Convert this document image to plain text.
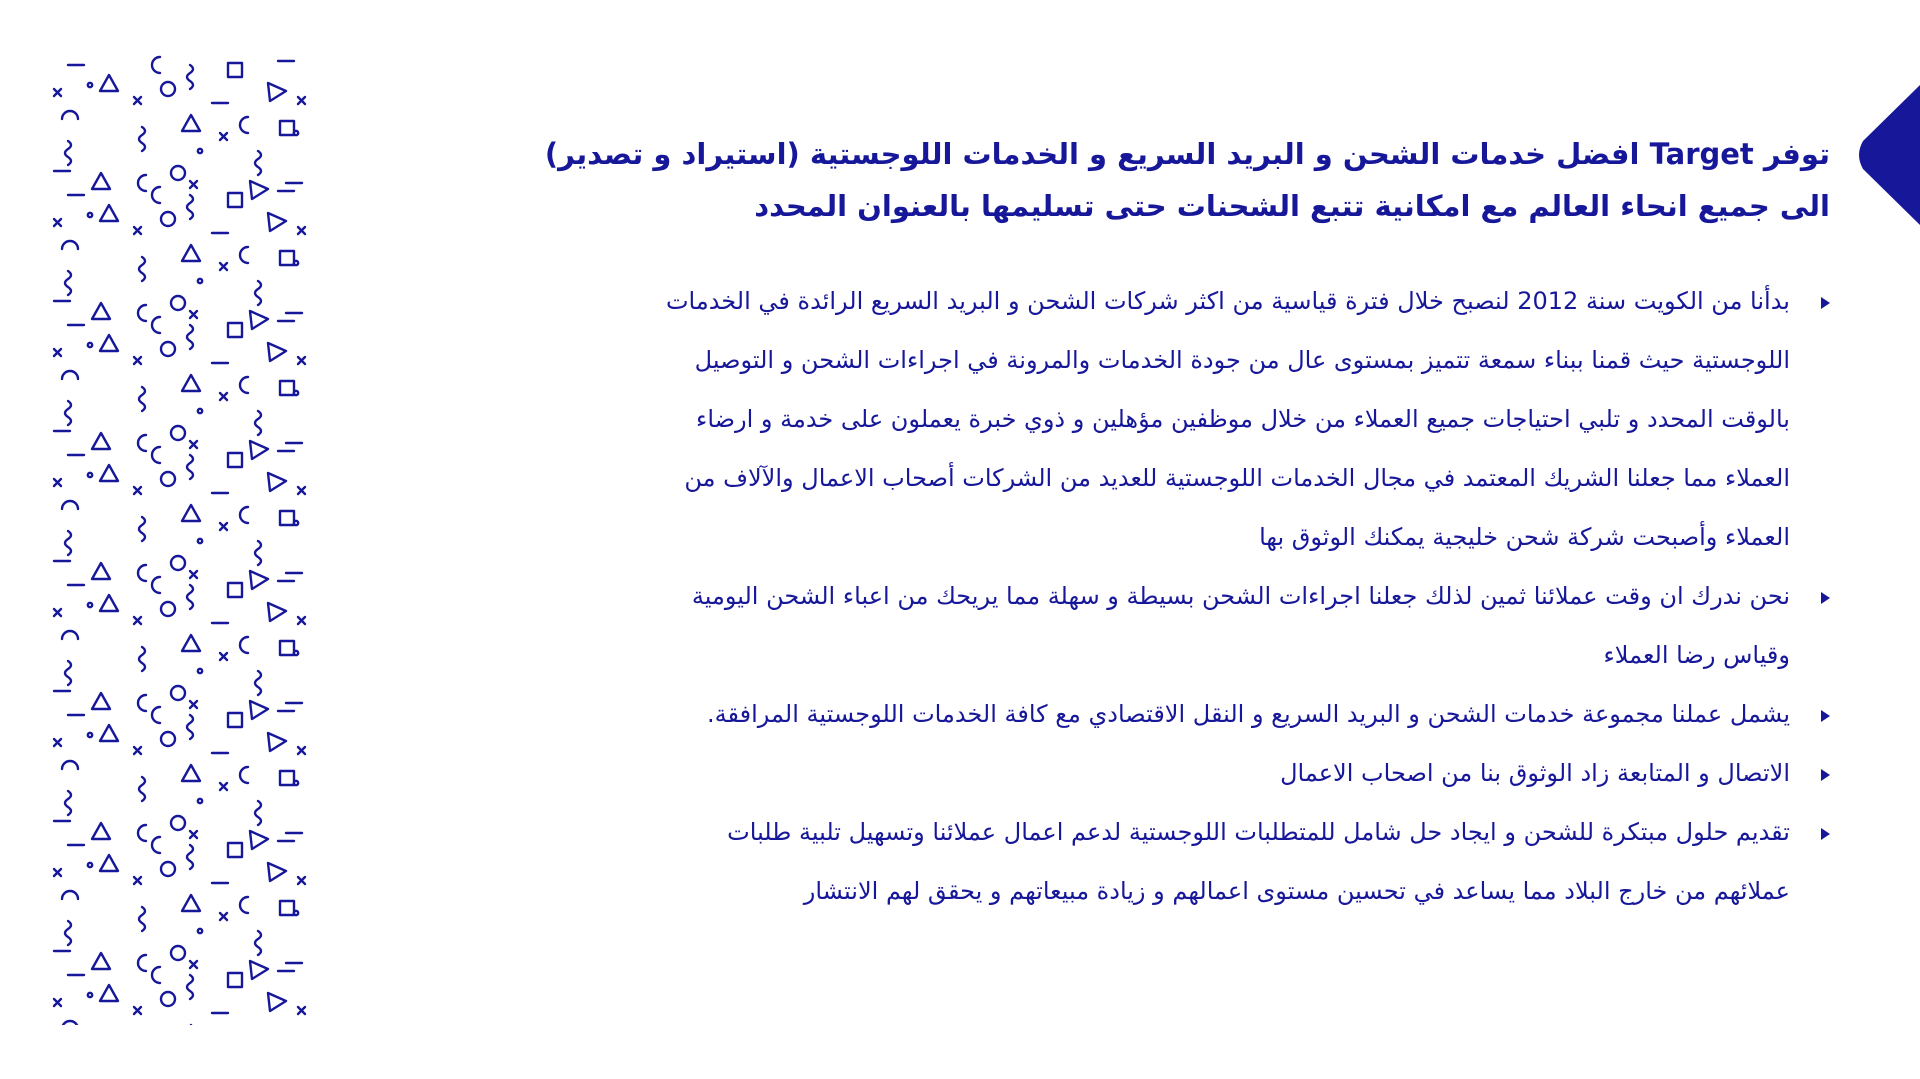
توفر Target افضل خدمات الشحن و البريد السريع و الخدمات اللوجستية (استيراد و تصدير)
الى جميع انحاء العالم مع امكانية تتبع الشحنات حتى تسليمها بالعنوان المحدد
بدأنا من الكويت سنة 2012 لنصبح خلال فترة قياسية من اكثر شركات الشحن و البريد السريع الرائدة في الخدمات
اللوجستية حيث قمنا ببناء سمعة تتميز بمستوى عال من جودة الخدمات والمرونة في اجراءات الشحن و التوصيل
بالوقت المحدد و تلبي احتياجات جميع العملاء من خلال موظفين مؤهلين و ذوي خبرة يعملون على خدمة و ارضاء
العملاء مما جعلنا الشريك المعتمد في مجال الخدمات اللوجستية للعديد من الشركات أصحاب الاعمال والآلاف من
العملاء وأصبحت شركة شحن خليجية يمكنك الوثوق بها
نحن ندرك ان وقت عملائنا ثمين لذلك جعلنا اجراءات الشحن بسيطة و سهلة مما يريحك من اعباء الشحن اليومية
وقياس رضا العملاء
يشمل عملنا مجموعة خدمات الشحن و البريد السريع و النقل الاقتصادي مع كافة الخدمات اللوجستية المرافقة.
الاتصال و المتابعة زاد الوثوق بنا من اصحاب الاعمال
تقديم حلول مبتكرة للشحن و ايجاد حل شامل للمتطلبات اللوجستية لدعم اعمال عملائنا وتسهيل تلبية طلبات
عملائهم من خارج البلاد مما يساعد في تحسين مستوى اعمالهم و زيادة مبيعاتهم و يحقق لهم الانتشار
